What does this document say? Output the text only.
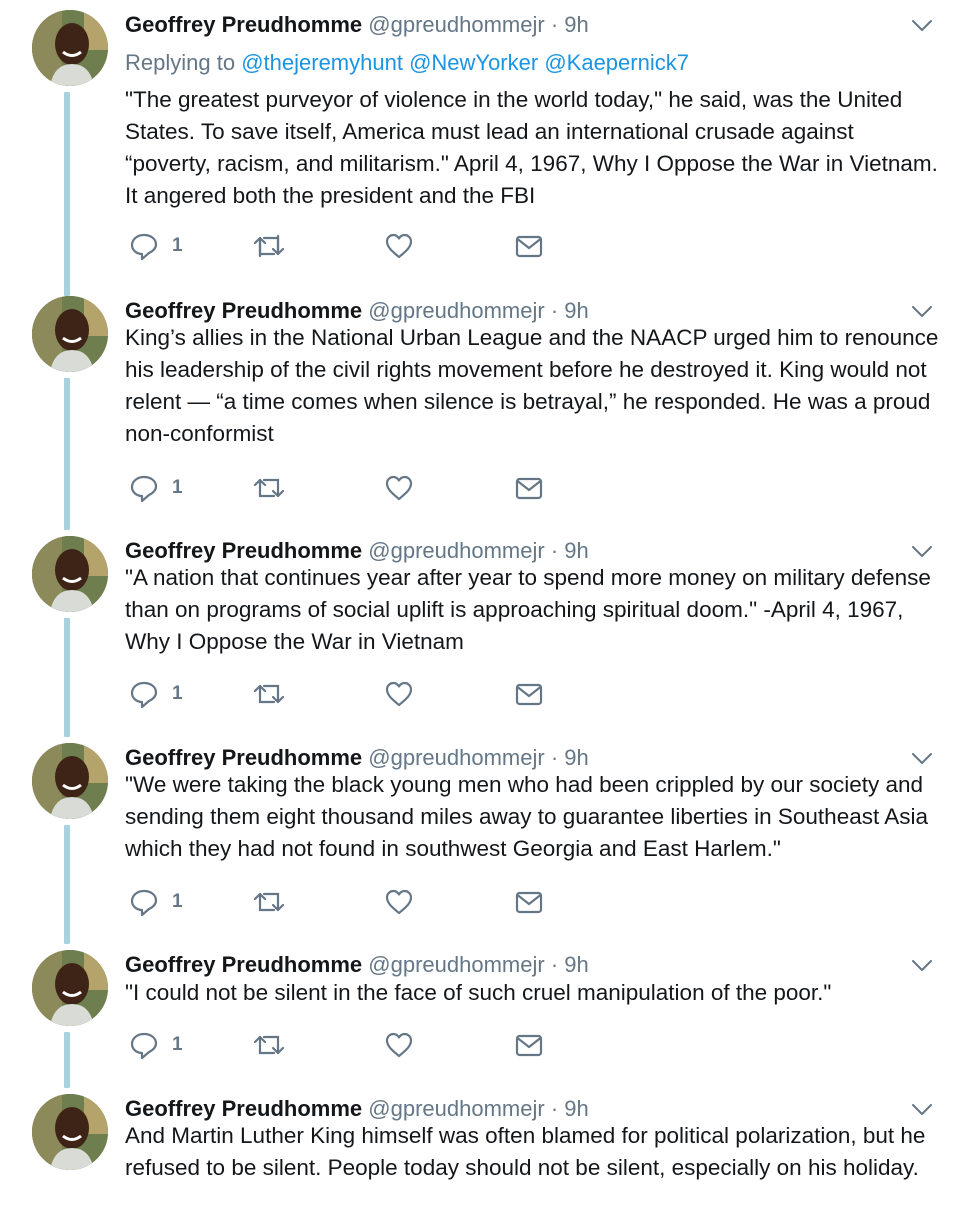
Geoffrey Preudhomme @gpreudhommejr · 9h
Replying to @thejeremyhunt @NewYorker @Kaepernick7
"The greatest purveyor of violence in the world today," he said, was the United States. To save itself, America must lead an international crusade against “poverty, racism, and militarism." April 4, 1967, Why I Oppose the War in Vietnam. It angered both the president and the FBI
1
Geoffrey Preudhomme @gpreudhommejr · 9h
King’s allies in the National Urban League and the NAACP urged him to renounce his leadership of the civil rights movement before he destroyed it. King would not relent — “a time comes when silence is betrayal,” he responded. He was a proud non-conformist
1
Geoffrey Preudhomme @gpreudhommejr · 9h
"A nation that continues year after year to spend more money on military defense than on programs of social uplift is approaching spiritual doom." -April 4, 1967, Why I Oppose the War in Vietnam
1
Geoffrey Preudhomme @gpreudhommejr · 9h
"We were taking the black young men who had been crippled by our society and sending them eight thousand miles away to guarantee liberties in Southeast Asia which they had not found in southwest Georgia and East Harlem."
1
Geoffrey Preudhomme @gpreudhommejr · 9h
"I could not be silent in the face of such cruel manipulation of the poor."
1
Geoffrey Preudhomme @gpreudhommejr · 9h
And Martin Luther King himself was often blamed for political polarization, but he refused to be silent. People today should not be silent, especially on his holiday.
